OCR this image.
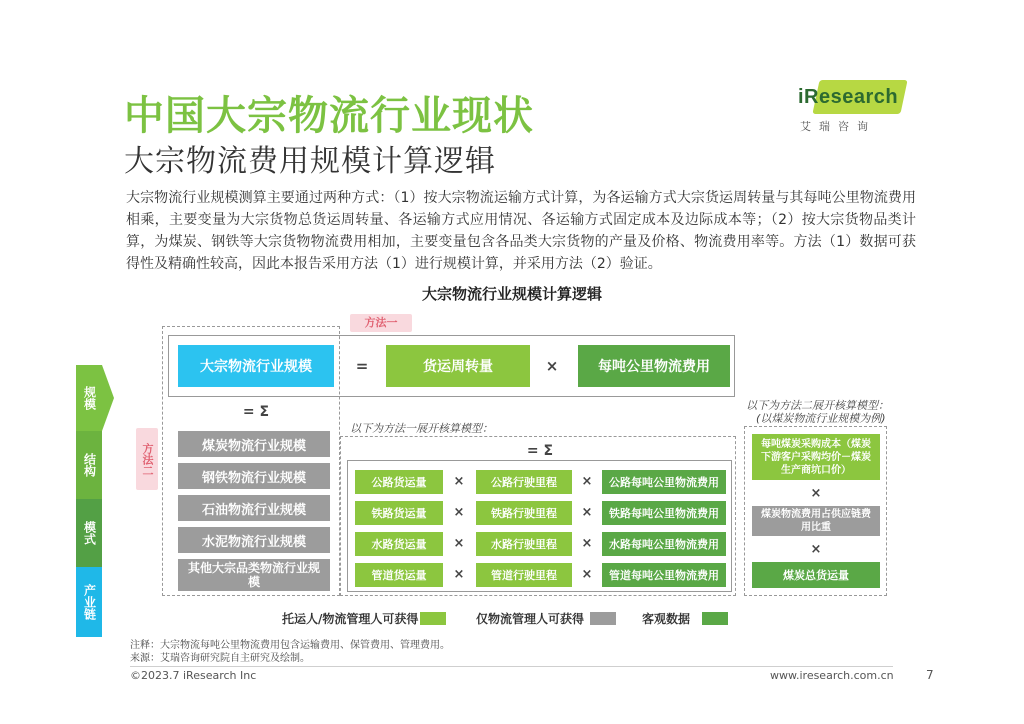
中国大宗物流行业现状
大宗物流费用规模计算逻辑
iResearch
艾瑞咨询
大宗物流行业规模测算主要通过两种方式：（1）按大宗物流运输方式计算，为各运输方式大宗货运周转量与其每吨公里物流费用相乘，主要变量为大宗货物总货运周转量、各运输方式应用情况、各运输方式固定成本及边际成本等；（2）按大宗货物品类计算，为煤炭、钢铁等大宗货物物流费用相加，主要变量包含各品类大宗货物的产量及价格、物流费用率等。方法（1）数据可获得性及精确性较高，因此本报告采用方法（1）进行规模计算，并采用方法（2）验证。
大宗物流行业规模计算逻辑
规模
结构
模式
产业链
方法一
大宗物流行业规模	=	货运周转量	×	每吨公里物流费用
方法二
= Σ
煤炭物流行业规模
钢铁物流行业规模
石油物流行业规模
水泥物流行业规模
其他大宗品类物流行业规模
以下为方法一展开核算模型：
= Σ
公路货运量	×	公路行驶里程	×	公路每吨公里物流费用
铁路货运量	×	铁路行驶里程	×	铁路每吨公里物流费用
水路货运量	×	水路行驶里程	×	水路每吨公里物流费用
管道货运量	×	管道行驶里程	×	管道每吨公里物流费用
以下为方法二展开核算模型：
(以煤炭物流行业规模为例)
每吨煤炭采购成本（煤炭下游客户采购均价－煤炭生产商坑口价）
×
煤炭物流费用占供应链费用比重
×
煤炭总货运量
托运人/物流管理人可获得	仅物流管理人可获得	客观数据
注释：大宗物流每吨公里物流费用包含运输费用、保管费用、管理费用。
来源：艾瑞咨询研究院自主研究及绘制。
©2023.7 iResearch Inc	www.iresearch.com.cn	7
